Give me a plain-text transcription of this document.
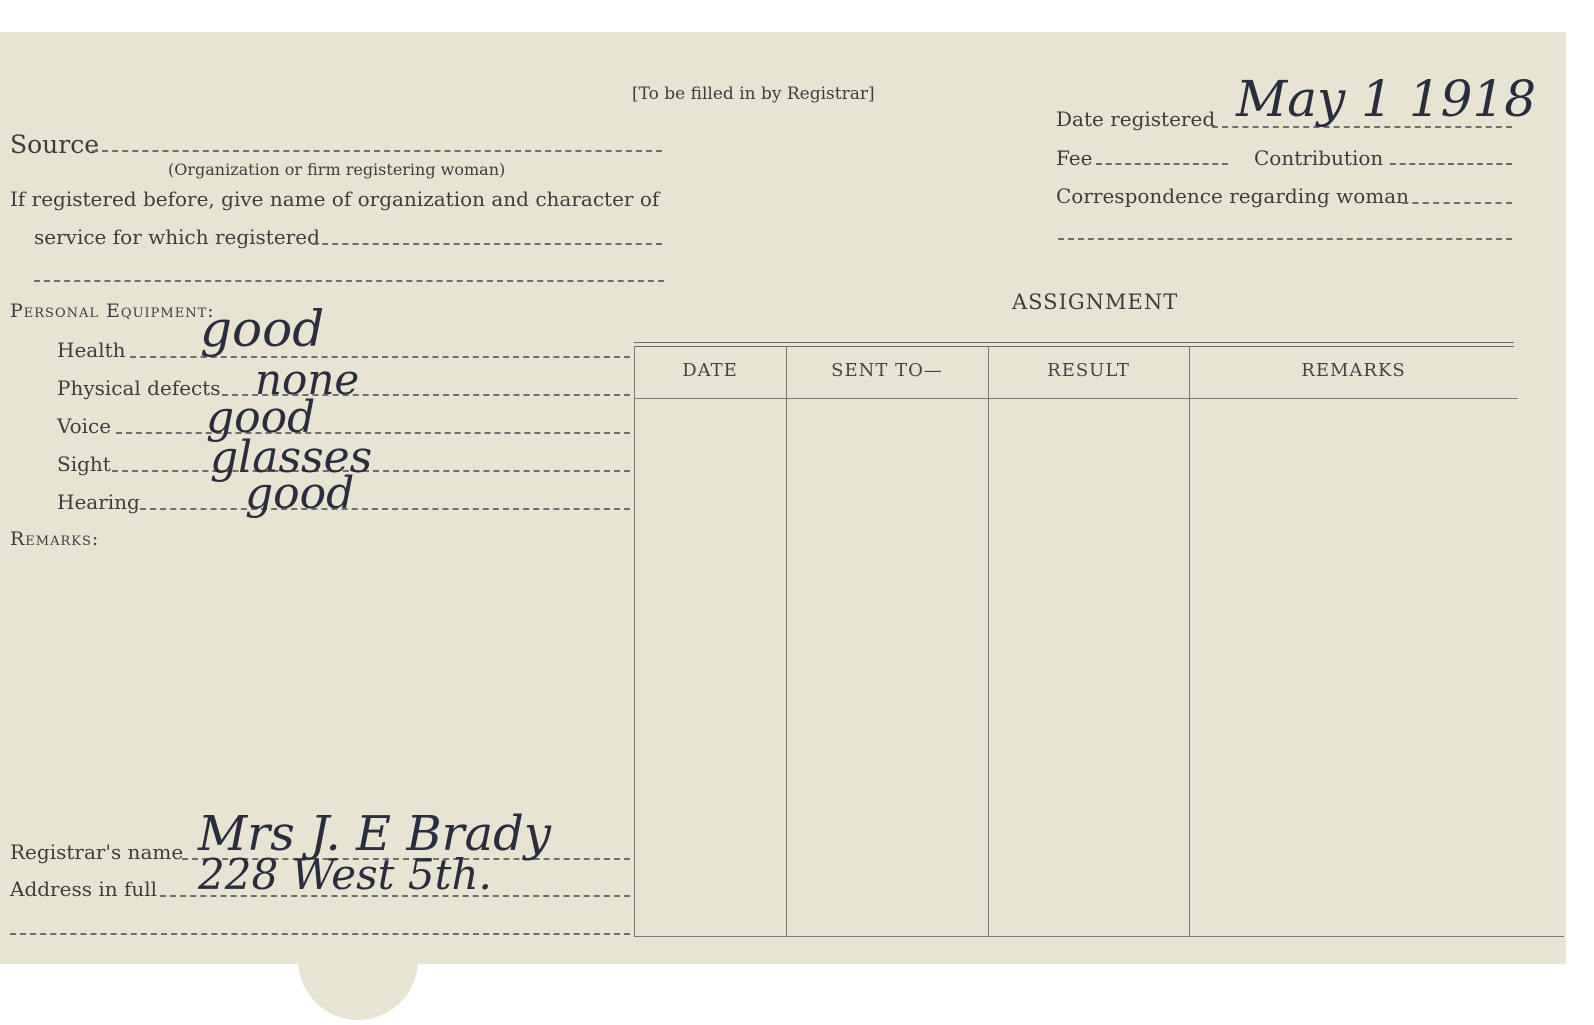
[To be filled in by Registrar]
Source
(Organization or firm registering woman)
If registered before, give name of organization and character of
service for which registered
Date registered May 1 1918
Fee	Contribution
Correspondence regarding woman
Personal Equipment:
Health good
Physical defects none
Voice good
Sight glasses
Hearing good
Remarks:
Registrar's name Mrs J. E Brady
Address in full 228 West 5th.
ASSIGNMENT
DATE	SENT TO—	RESULT	REMARKS
